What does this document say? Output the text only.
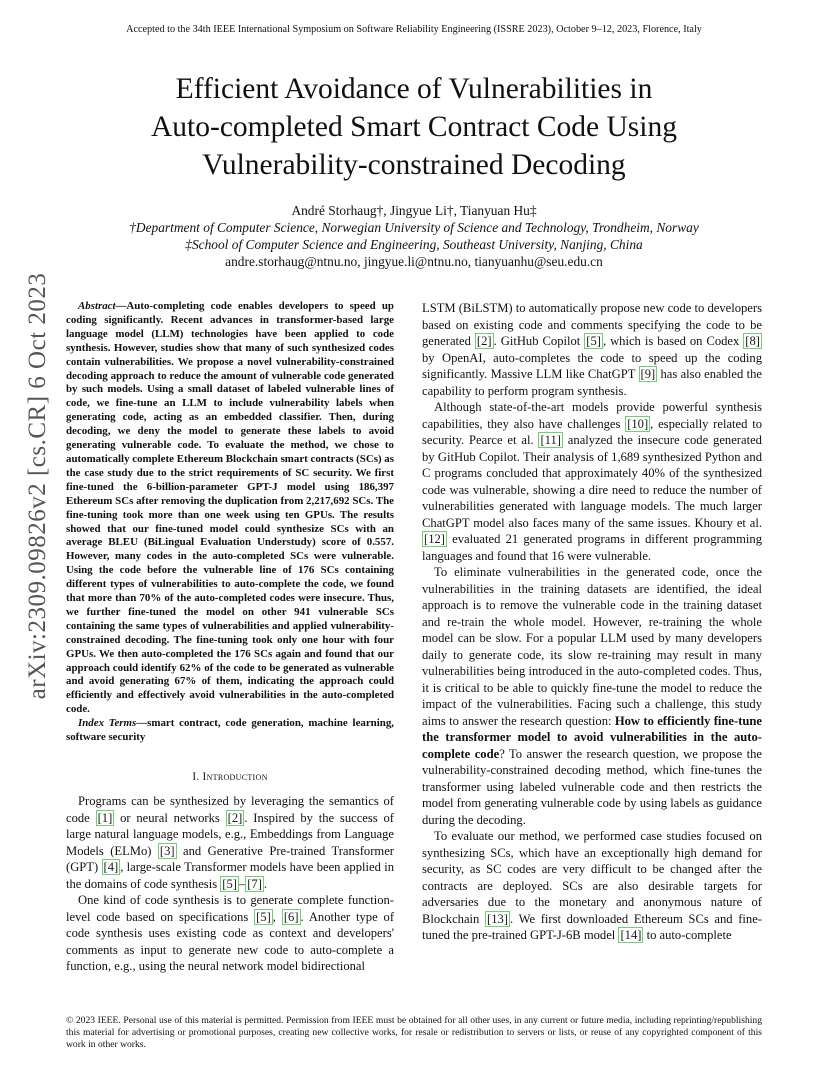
Accepted to the 34th IEEE International Symposium on Software Reliability Engineering (ISSRE 2023), October 9–12, 2023, Florence, Italy
Efficient Avoidance of Vulnerabilities in
Auto-completed Smart Contract Code Using
Vulnerability-constrained Decoding
André Storhaug†, Jingyue Li†, Tianyuan Hu‡
†Department of Computer Science, Norwegian University of Science and Technology, Trondheim, Norway
‡School of Computer Science and Engineering, Southeast University, Nanjing, China
andre.storhaug@ntnu.no, jingyue.li@ntnu.no, tianyuanhu@seu.edu.cn
arXiv:2309.09826v2 [cs.CR] 6 Oct 2023	Abstract—Auto-completing code enables developers to speed up coding significantly. Recent advances in transformer-based large language model (LLM) technologies have been applied to code synthesis. However, studies show that many of such synthesized codes contain vulnerabilities. We propose a novel vulnerability-constrained decoding approach to reduce the amount of vulnerable code generated by such models. Using a small dataset of labeled vulnerable lines of code, we fine-tune an LLM to include vulnerability labels when generating code, acting as an embedded classifier. Then, during decoding, we deny the model to generate these labels to avoid generating vulnerable code. To evaluate the method, we chose to automatically complete Ethereum Blockchain smart contracts (SCs) as the case study due to the strict requirements of SC security. We first fine-tuned the 6-billion-parameter GPT-J model using 186,397 Ethereum SCs after removing the duplication from 2,217,692 SCs. The fine-tuning took more than one week using ten GPUs. The results showed that our fine-tuned model could synthesize SCs with an average BLEU (BiLingual Evaluation Understudy) score of 0.557. However, many codes in the auto-completed SCs were vulnerable. Using the code before the vulnerable line of 176 SCs containing different types of vulnerabilities to auto-complete the code, we found that more than 70% of the auto-completed codes were insecure. Thus, we further fine-tuned the model on other 941 vulnerable SCs containing the same types of vulnerabilities and applied vulnerability-constrained decoding. The fine-tuning took only one hour with four GPUs. We then auto-completed the 176 SCs again and found that our approach could identify 62% of the code to be generated as vulnerable and avoid generating 67% of them, indicating the approach could efficiently and effectively avoid vulnerabilities in the auto-completed code.

Index Terms—smart contract, code generation, machine learning, software security

I. Introduction

Programs can be synthesized by leveraging the semantics of code [1] or neural networks [2] . Inspired by the success of large natural language models, e.g., Embeddings from Language Models (ELMo) [3] and Generative Pre-trained Transformer (GPT) [4] , large-scale Transformer models have been applied in the domains of code synthesis [5] – [7] .

One kind of code synthesis is to generate complete function-level code based on specifications [5] , [6] . Another type of code synthesis uses existing code as context and developers' comments as input to generate new code to auto-complete a function, e.g., using the neural network model bidirectional

LSTM (BiLSTM) to automatically propose new code to developers based on existing code and comments specifying the code to be generated [2] . GitHub Copilot [5] , which is based on Codex [8] by OpenAI, auto-completes the code to speed up the coding significantly. Massive LLM like ChatGPT [9] has also enabled the capability to perform program synthesis.

Although state-of-the-art models provide powerful synthesis capabilities, they also have challenges [10] , especially related to security. Pearce et al. [11] analyzed the insecure code generated by GitHub Copilot. Their analysis of 1,689 synthesized Python and C programs concluded that approximately 40% of the synthesized code was vulnerable, showing a dire need to reduce the number of vulnerabilities generated with language models. The much larger ChatGPT model also faces many of the same issues. Khoury et al. [12] evaluated 21 generated programs in different programming languages and found that 16 were vulnerable.

To eliminate vulnerabilities in the generated code, once the vulnerabilities in the training datasets are identified, the ideal approach is to remove the vulnerable code in the training dataset and re-train the whole model. However, re-training the whole model can be slow. For a popular LLM used by many developers daily to generate code, its slow re-training may result in many vulnerabilities being introduced in the auto-completed codes. Thus, it is critical to be able to quickly fine-tune the model to reduce the impact of the vulnerabilities. Facing such a challenge, this study aims to answer the research question: How to efficiently fine-tune the transformer model to avoid vulnerabilities in the auto-complete code? To answer the research question, we propose the vulnerability-constrained decoding method, which fine-tunes the transformer using labeled vulnerable code and then restricts the model from generating vulnerable code by using labels as guidance during the decoding.

To evaluate our method, we performed case studies focused on synthesizing SCs, which have an exceptionally high demand for security, as SC codes are very difficult to be changed after the contracts are deployed. SCs are also desirable targets for adversaries due to the monetary and anonymous nature of Blockchain [13] . We first downloaded Ethereum SCs and fine-tuned the pre-trained GPT-J-6B model [14] to auto-complete

© 2023 IEEE. Personal use of this material is permitted. Permission from IEEE must be obtained for all other uses, in any current or future media, including reprinting/republishing this material for advertising or promotional purposes, creating new collective works, for resale or redistribution to servers or lists, or reuse of any copyrighted component of this work in other works.
